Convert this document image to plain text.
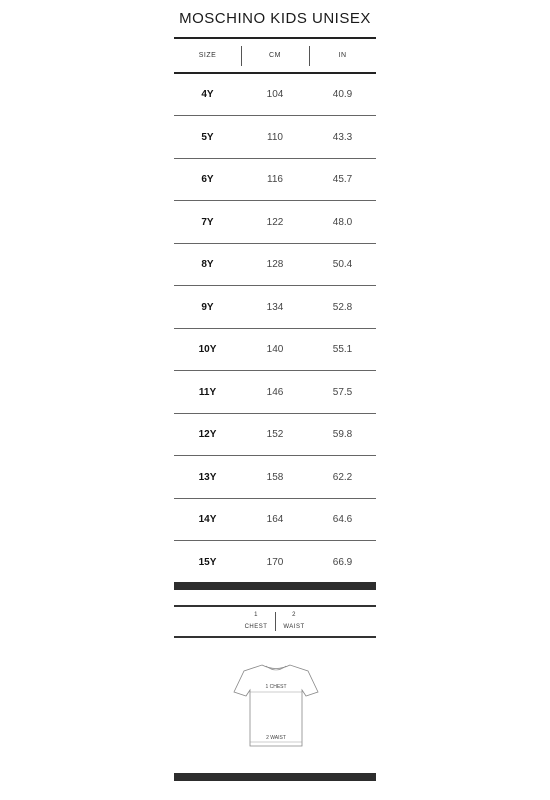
MOSCHINO KIDS UNISEX
SIZE	CM	IN
4Y	104	40.9
5Y	110	43.3
6Y	116	45.7
7Y	122	48.0
8Y	128	50.4
9Y	134	52.8
10Y	140	55.1
11Y	146	57.5
12Y	152	59.8
13Y	158	62.2
14Y	164	64.6
15Y	170	66.9
1
CHEST
2
WAIST
1 CHEST
2 WAIST
